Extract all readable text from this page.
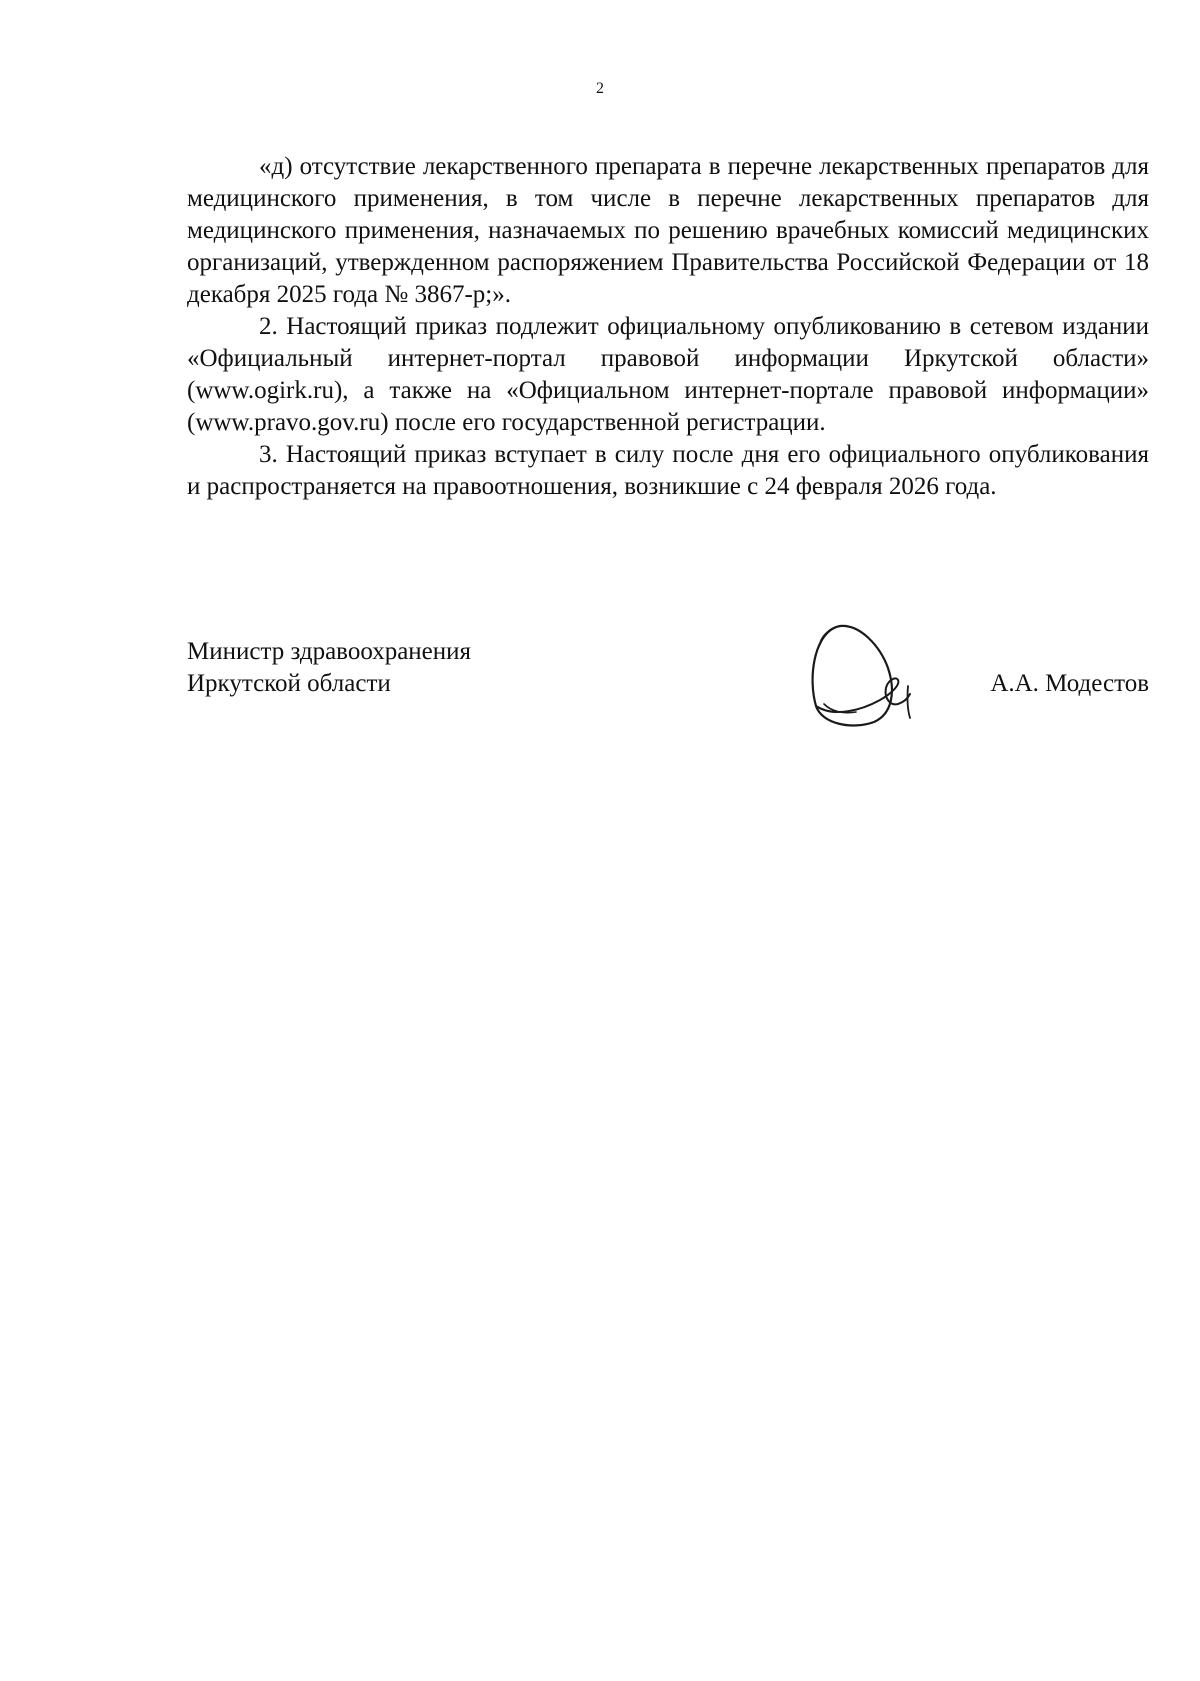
2

«д) отсутствие лекарственного препарата в перечне лекарственных препаратов для медицинского применения, в том числе в перечне лекарственных препаратов для медицинского применения, назначаемых по решению врачебных комиссий медицинских организаций, утвержденном распоряжением Правительства Российской Федерации от 18 декабря 2025 года № 3867-р;».

2. Настоящий приказ подлежит официальному опубликованию в сетевом издании «Официальный интернет-портал правовой информации Иркутской области» (www.ogirk.ru), а также на «Официальном интернет-портале правовой информации» (www.pravo.gov.ru) после его государственной регистрации.

3. Настоящий приказ вступает в силу после дня его официального опубликования и распространяется на правоотношения, возникшие с 24 февраля 2026 года.

Министр здравоохранения
Иркутской области	А.А. Модестов
